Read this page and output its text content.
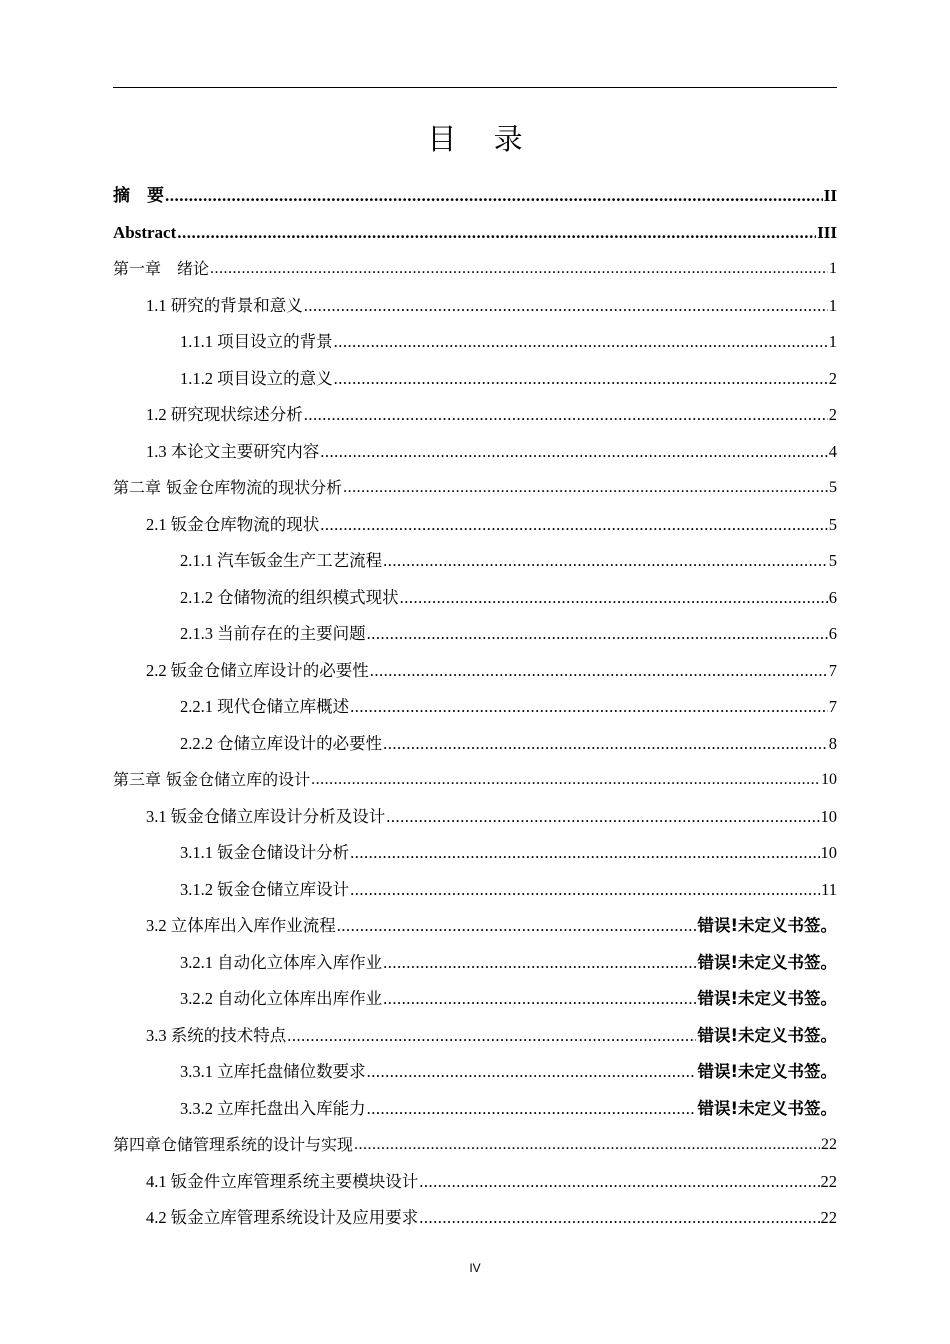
目 录
摘　要 .....	II
Abstract .....	III
第一章　绪论 .....	1
1.1 研究的背景和意义 .....	1
1.1.1 项目设立的背景 .....	1
1.1.2 项目设立的意义 .....	2
1.2 研究现状综述分析 .....	2
1.3 本论文主要研究内容 .....	4
第二章 钣金仓库物流的现状分析 .....	5
2.1 钣金仓库物流的现状 .....	5
2.1.1 汽车钣金生产工艺流程 .....	5
2.1.2 仓储物流的组织模式现状 .....	6
2.1.3 当前存在的主要问题 .....	6
2.2 钣金仓储立库设计的必要性 .....	7
2.2.1 现代仓储立库概述 .....	7
2.2.2 仓储立库设计的必要性 .....	8
第三章 钣金仓储立库的设计 .....	10
3.1 钣金仓储立库设计分析及设计 .....	10
3.1.1 钣金仓储设计分析 .....	10
3.1.2 钣金仓储立库设计 .....	11
3.2 立体库出入库作业流程 .....	错误!未定义书签。
3.2.1 自动化立体库入库作业 .....	错误!未定义书签。
3.2.2 自动化立体库出库作业 .....	错误!未定义书签。
3.3 系统的技术特点 .....	错误!未定义书签。
3.3.1 立库托盘储位数要求 .....	错误!未定义书签。
3.3.2 立库托盘出入库能力 .....	错误!未定义书签。
第四章仓储管理系统的设计与实现 .....	22
4.1 钣金件立库管理系统主要模块设计 .....	22
4.2 钣金立库管理系统设计及应用要求 .....	22
IV
